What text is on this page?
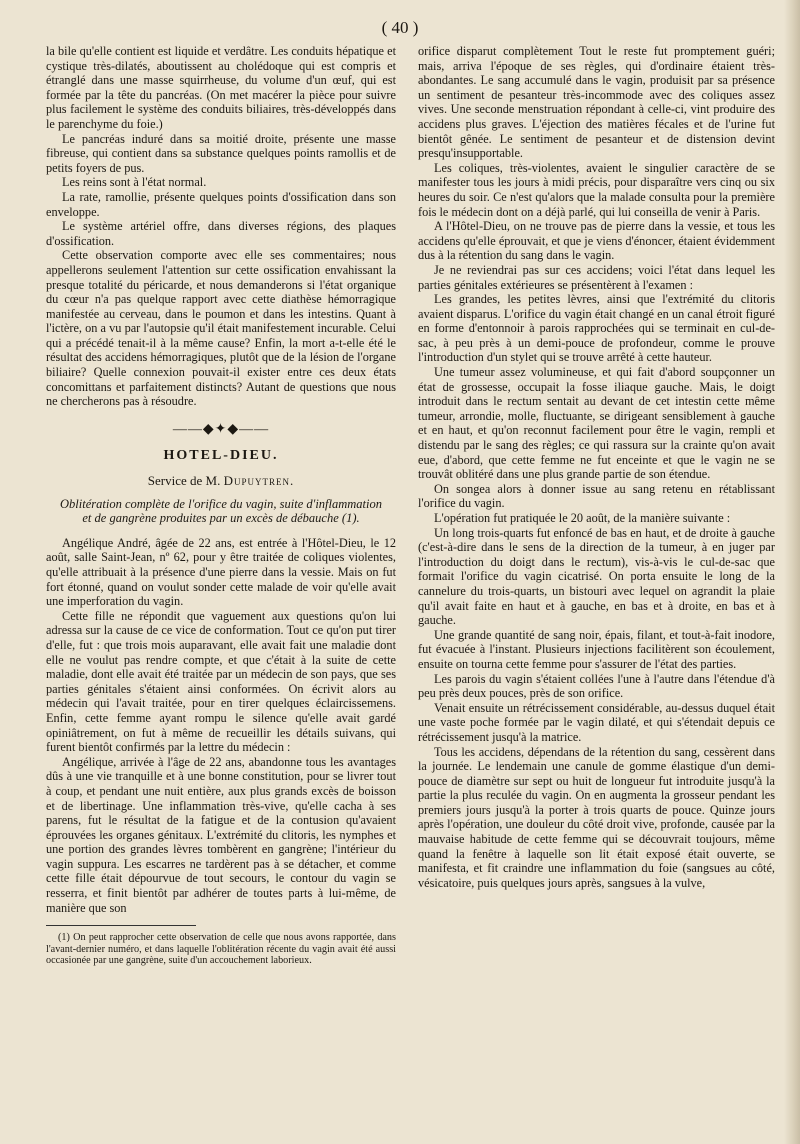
( 40 )

la bile qu'elle contient est liquide et verdâtre. Les conduits hépatique et cystique très-dilatés, aboutissent au cholédoque qui est compris et étranglé dans une masse squirrheuse, du volume d'un œuf, qui est formée par la tête du pancréas. (On met macérer la pièce pour suivre plus facilement le système des conduits biliaires, très-développés dans le parenchyme du foie.)

Le pancréas induré dans sa moitié droite, présente une masse fibreuse, qui contient dans sa substance quelques points ramollis et de petits foyers de pus.

Les reins sont à l'état normal.

La rate, ramollie, présente quelques points d'ossification dans son enveloppe.

Le système artériel offre, dans diverses régions, des plaques d'ossification.

Cette observation comporte avec elle ses commentaires; nous appellerons seulement l'attention sur cette ossification envahissant la presque totalité du péricarde, et nous demanderons si l'état organique du cœur n'a pas quelque rapport avec cette diathèse hémorragique manifestée au cerveau, dans le poumon et dans les intestins. Quant à l'ictère, on a vu par l'autopsie qu'il était manifestement incurable. Celui qui a précédé tenait-il à la même cause? Enfin, la mort a-t-elle été le résultat des accidens hémorragiques, plutôt que de la lésion de l'organe biliaire? Quelle connexion pouvait-il exister entre ces deux états concomittans et parfaitement distincts? Autant de questions que nous ne chercherons pas à résoudre.

——◆✦◆——
HOTEL-DIEU.
Service de M. Dupuytren.
Oblitération complète de l'orifice du vagin, suite d'inflammation et de gangrène produites par un excès de débauche (1).

Angélique André, âgée de 22 ans, est entrée à l'Hôtel-Dieu, le 12 août, salle Saint-Jean, nº 62, pour y être traitée de coliques violentes, qu'elle attribuait à la présence d'une pierre dans la vessie. Mais on fut fort étonné, quand on voulut sonder cette malade de voir qu'elle avait une imperforation du vagin.

Cette fille ne répondit que vaguement aux questions qu'on lui adressa sur la cause de ce vice de conformation. Tout ce qu'on put tirer d'elle, fut : que trois mois auparavant, elle avait fait une maladie dont elle ne voulut pas rendre compte, et que c'était à la suite de cette maladie, dont elle avait été traitée par un médecin de son pays, que ses parties génitales s'étaient ainsi conformées. On écrivit alors au médecin qui l'avait traitée, pour en tirer quelques éclaircissemens. Enfin, cette femme ayant rompu le silence qu'elle avait gardé opiniâtrement, on fut à même de recueillir les détails suivans, qui furent bientôt confirmés par la lettre du médecin :

Angélique, arrivée à l'âge de 22 ans, abandonne tous les avantages dûs à une vie tranquille et à une bonne constitution, pour se livrer tout à coup, et pendant une nuit entière, aux plus grands excès de boisson et de libertinage. Une inflammation très-vive, qu'elle cacha à ses parens, fut le résultat de la fatigue et de la contusion qu'avaient éprouvées les organes génitaux. L'extrémité du clitoris, les nymphes et une portion des grandes lèvres tombèrent en gangrène; l'intérieur du vagin suppura. Les escarres ne tardèrent pas à se détacher, et comme cette fille était dépourvue de tout secours, le contour du vagin se resserra, et finit bientôt par adhérer de toutes parts à lui-même, de manière que son

(1) On peut rapprocher cette observation de celle que nous avons rapportée, dans l'avant-dernier numéro, et dans laquelle l'oblitération récente du vagin avait été aussi occasionée par une gangrène, suite d'un accouchement laborieux.

orifice disparut complètement Tout le reste fut promptement guéri; mais, arriva l'époque de ses règles, qui d'ordinaire étaient très-abondantes. Le sang accumulé dans le vagin, produisit par sa présence un sentiment de pesanteur très-incommode avec des coliques assez vives. Une seconde menstruation répondant à celle-ci, vint produire des accidens plus graves. L'éjection des matières fécales et de l'urine fut bientôt gênée. Le sentiment de pesanteur et de distension devint presqu'insupportable.

Les coliques, très-violentes, avaient le singulier caractère de se manifester tous les jours à midi précis, pour disparaître vers cinq ou six heures du soir. Ce n'est qu'alors que la malade consulta pour la première fois le médecin dont on a déjà parlé, qui lui conseilla de venir à Paris.

A l'Hôtel-Dieu, on ne trouve pas de pierre dans la vessie, et tous les accidens qu'elle éprouvait, et que je viens d'énoncer, étaient évidemment dus à la rétention du sang dans le vagin.

Je ne reviendrai pas sur ces accidens; voici l'état dans lequel les parties génitales extérieures se présentèrent à l'examen :

Les grandes, les petites lèvres, ainsi que l'extrémité du clitoris avaient disparus. L'orifice du vagin était changé en un canal étroit figuré en forme d'entonnoir à parois rapprochées qui se terminait en cul-de-sac, à peu près à un demi-pouce de profondeur, comme le prouve l'introduction d'un stylet qui se trouve arrêté à cette hauteur.

Une tumeur assez volumineuse, et qui fait d'abord soupçonner un état de grossesse, occupait la fosse iliaque gauche. Mais, le doigt introduit dans le rectum sentait au devant de cet intestin cette même tumeur, arrondie, molle, fluctuante, se dirigeant sensiblement à gauche et en haut, et qu'on reconnut facilement pour être le vagin, rempli et distendu par le sang des règles; ce qui rassura sur la crainte qu'on avait eue, d'abord, que cette femme ne fut enceinte et que le vagin ne se trouvât oblitéré dans une plus grande partie de son étendue.

On songea alors à donner issue au sang retenu en rétablissant l'orifice du vagin.

L'opération fut pratiquée le 20 août, de la manière suivante :

Un long trois-quarts fut enfoncé de bas en haut, et de droite à gauche (c'est-à-dire dans le sens de la direction de la tumeur, à en juger par l'introduction du doigt dans le rectum), vis-à-vis le cul-de-sac que formait l'orifice du vagin cicatrisé. On porta ensuite le long de la cannelure du trois-quarts, un bistouri avec lequel on agrandit la plaie qu'il avait faite en haut et à gauche, en bas et à droite, en bas et à gauche.

Une grande quantité de sang noir, épais, filant, et tout-à-fait inodore, fut évacuée à l'instant. Plusieurs injections facilitèrent son écoulement, ensuite on tourna cette femme pour s'assurer de l'état des parties.

Les parois du vagin s'étaient collées l'une à l'autre dans l'étendue d'à peu près deux pouces, près de son orifice.

Venait ensuite un rétrécissement considérable, au-dessus duquel était une vaste poche formée par le vagin dilaté, et qui s'étendait depuis ce rétrécissement jusqu'à la matrice.

Tous les accidens, dépendans de la rétention du sang, cessèrent dans la journée. Le lendemain une canule de gomme élastique d'un demi-pouce de diamètre sur sept ou huit de longueur fut introduite jusqu'à la partie la plus reculée du vagin. On en augmenta la grosseur pendant les premiers jours jusqu'à la porter à trois quarts de pouce. Quinze jours après l'opération, une douleur du côté droit vive, profonde, causée par la mauvaise habitude de cette femme qui se découvrait toujours, même quand la fenêtre à laquelle son lit était exposé était ouverte, se manifesta, et fit craindre une inflammation du foie (sangsues au côté, vésicatoire, puis quelques jours après, sangsues à la vulve,
